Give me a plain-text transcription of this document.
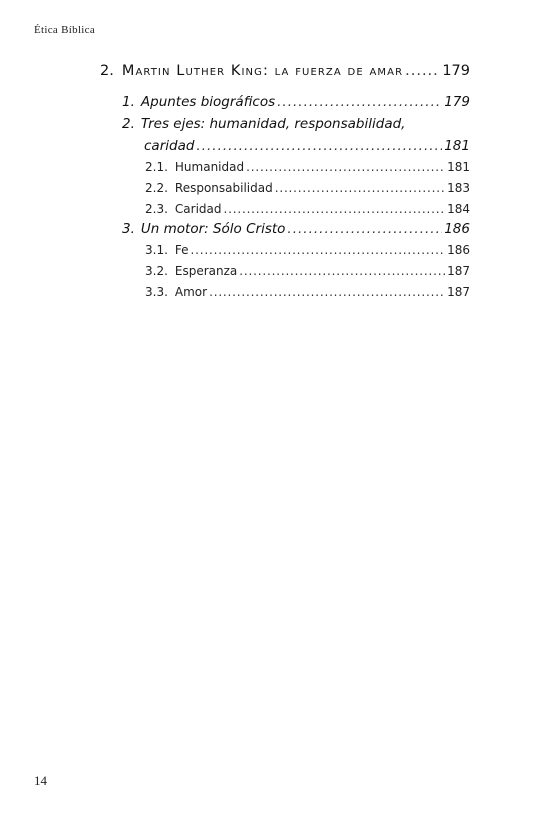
Ética Bíblica
2. Martin Luther King: la fuerza de amar .....	179
1. Apuntes biográficos .....	179
2. Tres ejes: humanidad, responsabilidad,
caridad .....	181
2.1. Humanidad .....	181
2.2. Responsabilidad .....	183
2.3. Caridad .....	184
3. Un motor: Sólo Cristo .....	186
3.1. Fe .....	186
3.2. Esperanza .....	187
3.3. Amor .....	187
14
